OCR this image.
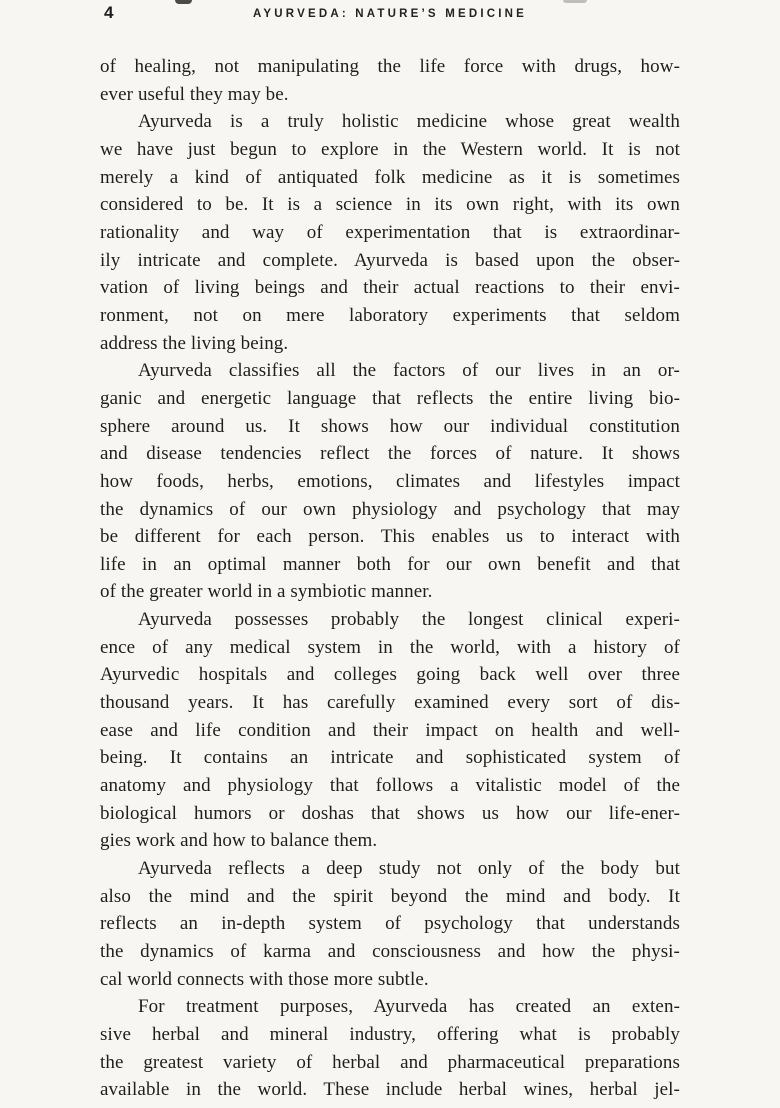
4	AYURVEDA: NATURE’S MEDICINE
of healing, not manipulating the life force with drugs, how-
ever useful they may be.
Ayurveda is a truly holistic medicine whose great wealth
we have just begun to explore in the Western world. It is not
merely a kind of antiquated folk medicine as it is sometimes
considered to be. It is a science in its own right, with its own
rationality and way of experimentation that is extraordinar-
ily intricate and complete. Ayurveda is based upon the obser-
vation of living beings and their actual reactions to their envi-
ronment, not on mere laboratory experiments that seldom
address the living being.
Ayurveda classifies all the factors of our lives in an or-
ganic and energetic language that reflects the entire living bio-
sphere around us. It shows how our individual constitution
and disease tendencies reflect the forces of nature. It shows
how foods, herbs, emotions, climates and lifestyles impact
the dynamics of our own physiology and psychology that may
be different for each person. This enables us to interact with
life in an optimal manner both for our own benefit and that
of the greater world in a symbiotic manner.
Ayurveda possesses probably the longest clinical experi-
ence of any medical system in the world, with a history of
Ayurvedic hospitals and colleges going back well over three
thousand years. It has carefully examined every sort of dis-
ease and life condition and their impact on health and well-
being. It contains an intricate and sophisticated system of
anatomy and physiology that follows a vitalistic model of the
biological humors or doshas that shows us how our life-ener-
gies work and how to balance them.
Ayurveda reflects a deep study not only of the body but
also the mind and the spirit beyond the mind and body. It
reflects an in-depth system of psychology that understands
the dynamics of karma and consciousness and how the physi-
cal world connects with those more subtle.
For treatment purposes, Ayurveda has created an exten-
sive herbal and mineral industry, offering what is probably
the greatest variety of herbal and pharmaceutical preparations
available in the world. These include herbal wines, herbal jel-
